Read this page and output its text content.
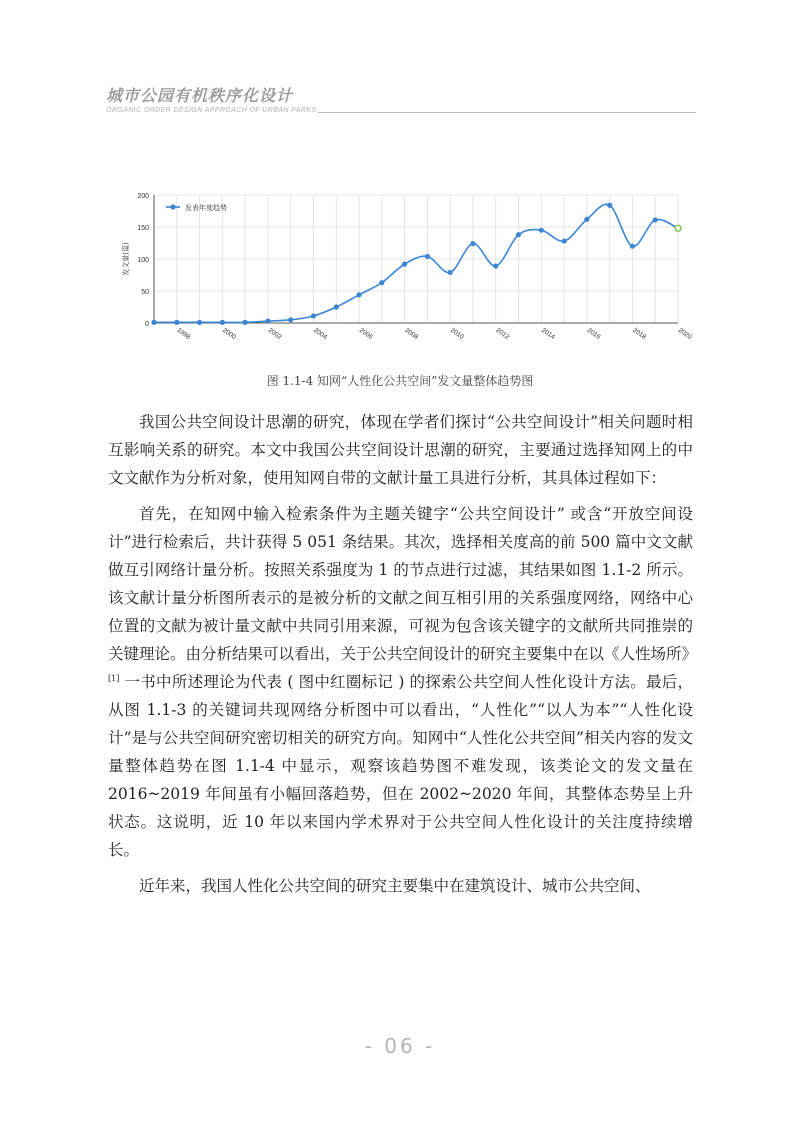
城市公园有机秩序化设计
ORGANIC ORDER DESIGN APPROACH OF URBAN PARKS
0
50
100
150
200
1998	2000	2002	2004	2006	2008	2010	2012	2014	2016	2018	2020
发文量(篇)
发表年度趋势
图 1.1-4 知网“人性化公共空间”发文量整体趋势图

我国公共空间设计思潮的研究，体现在学者们探讨“公共空间设计”相关问题时相互影响关系的研究。本文中我国公共空间设计思潮的研究，主要通过选择知网上的中文文献作为分析对象，使用知网自带的文献计量工具进行分析，其具体过程如下：

首先，在知网中输入检索条件为主题关键字“公共空间设计” 或含“开放空间设计”进行检索后，共计获得 5 051 条结果。其次，选择相关度高的前 500 篇中文文献做互引网络计量分析。按照关系强度为 1 的节点进行过滤，其结果如图 1.1-2 所示。该文献计量分析图所表示的是被分析的文献之间互相引用的关系强度网络，网络中心位置的文献为被计量文献中共同引用来源，可视为包含该关键字的文献所共同推崇的关键理论。由分析结果可以看出，关于公共空间设计的研究主要集中在以《人性场所》[1] 一书中所述理论为代表 ( 图中红圈标记 ) 的探索公共空间人性化设计方法。最后，从图 1.1-3 的关键词共现网络分析图中可以看出，“人性化”“以人为本”“人性化设计”是与公共空间研究密切相关的研究方向。知网中“人性化公共空间”相关内容的发文量整体趋势在图 1.1-4 中显示，观察该趋势图不难发现，该类论文的发文量在 2016~2019 年间虽有小幅回落趋势，但在 2002~2020 年间，其整体态势呈上升状态。这说明，近 10 年以来国内学术界对于公共空间人性化设计的关注度持续增长。

近年来，我国人性化公共空间的研究主要集中在建筑设计、城市公共空间、

- 06 -
